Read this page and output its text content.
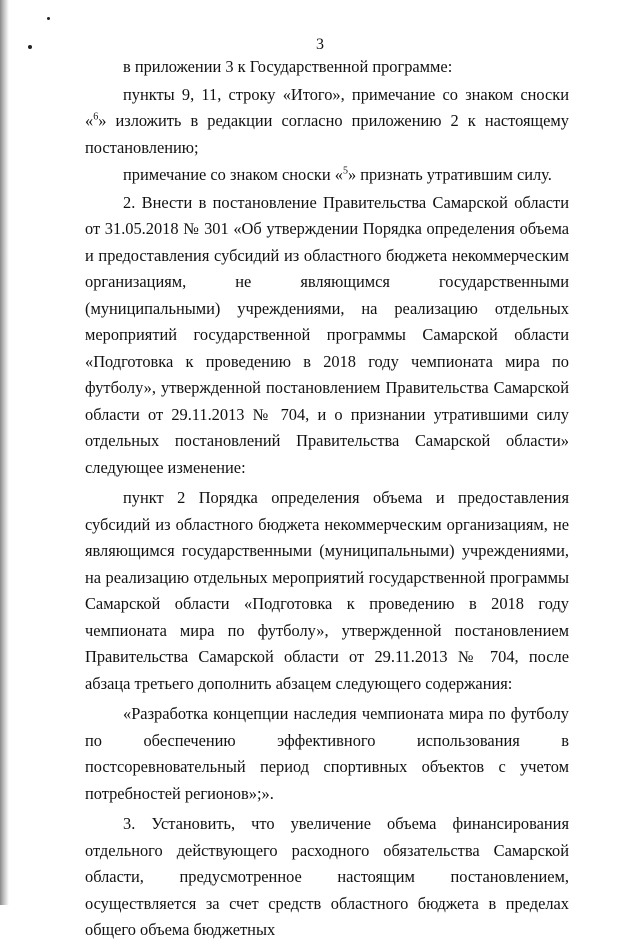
3

в приложении 3 к Государственной программе:

пункты 9, 11, строку «Итого», примечание со знаком сноски «$^6$» изложить в редакции согласно приложению 2 к настоящему постановлению;

примечание со знаком сноски «$^5$» признать утратившим силу.

2. Внести в постановление Правительства Самарской области от 31.05.2018 № 301 «Об утверждении Порядка определения объема и предоставления субсидий из областного бюджета некоммерческим организациям, не являющимся государственными (муниципальными) учреждениями, на реализацию отдельных мероприятий государственной программы Самарской области «Подготовка к проведению в 2018 году чемпионата мира по футболу», утвержденной постановлением Правительства Самарской области от 29.11.2013 № 704, и о признании утратившими силу отдельных постановлений Правительства Самарской области» следующее изменение:

пункт 2 Порядка определения объема и предоставления субсидий из областного бюджета некоммерческим организациям, не являющимся государственными (муниципальными) учреждениями, на реализацию отдельных мероприятий государственной программы Самарской области «Подготовка к проведению в 2018 году чемпионата мира по футболу», утвержденной постановлением Правительства Самарской области от 29.11.2013 № 704, после абзаца третьего дополнить абзацем следующего содержания:

«Разработка концепции наследия чемпионата мира по футболу по обеспечению эффективного использования в постсоревновательный период спортивных объектов с учетом потребностей регионов»;».

3. Установить, что увеличение объема финансирования отдельного действующего расходного обязательства Самарской области, предусмотренное настоящим постановлением, осуществляется за счет средств областного бюджета в пределах общего объема бюджетных
